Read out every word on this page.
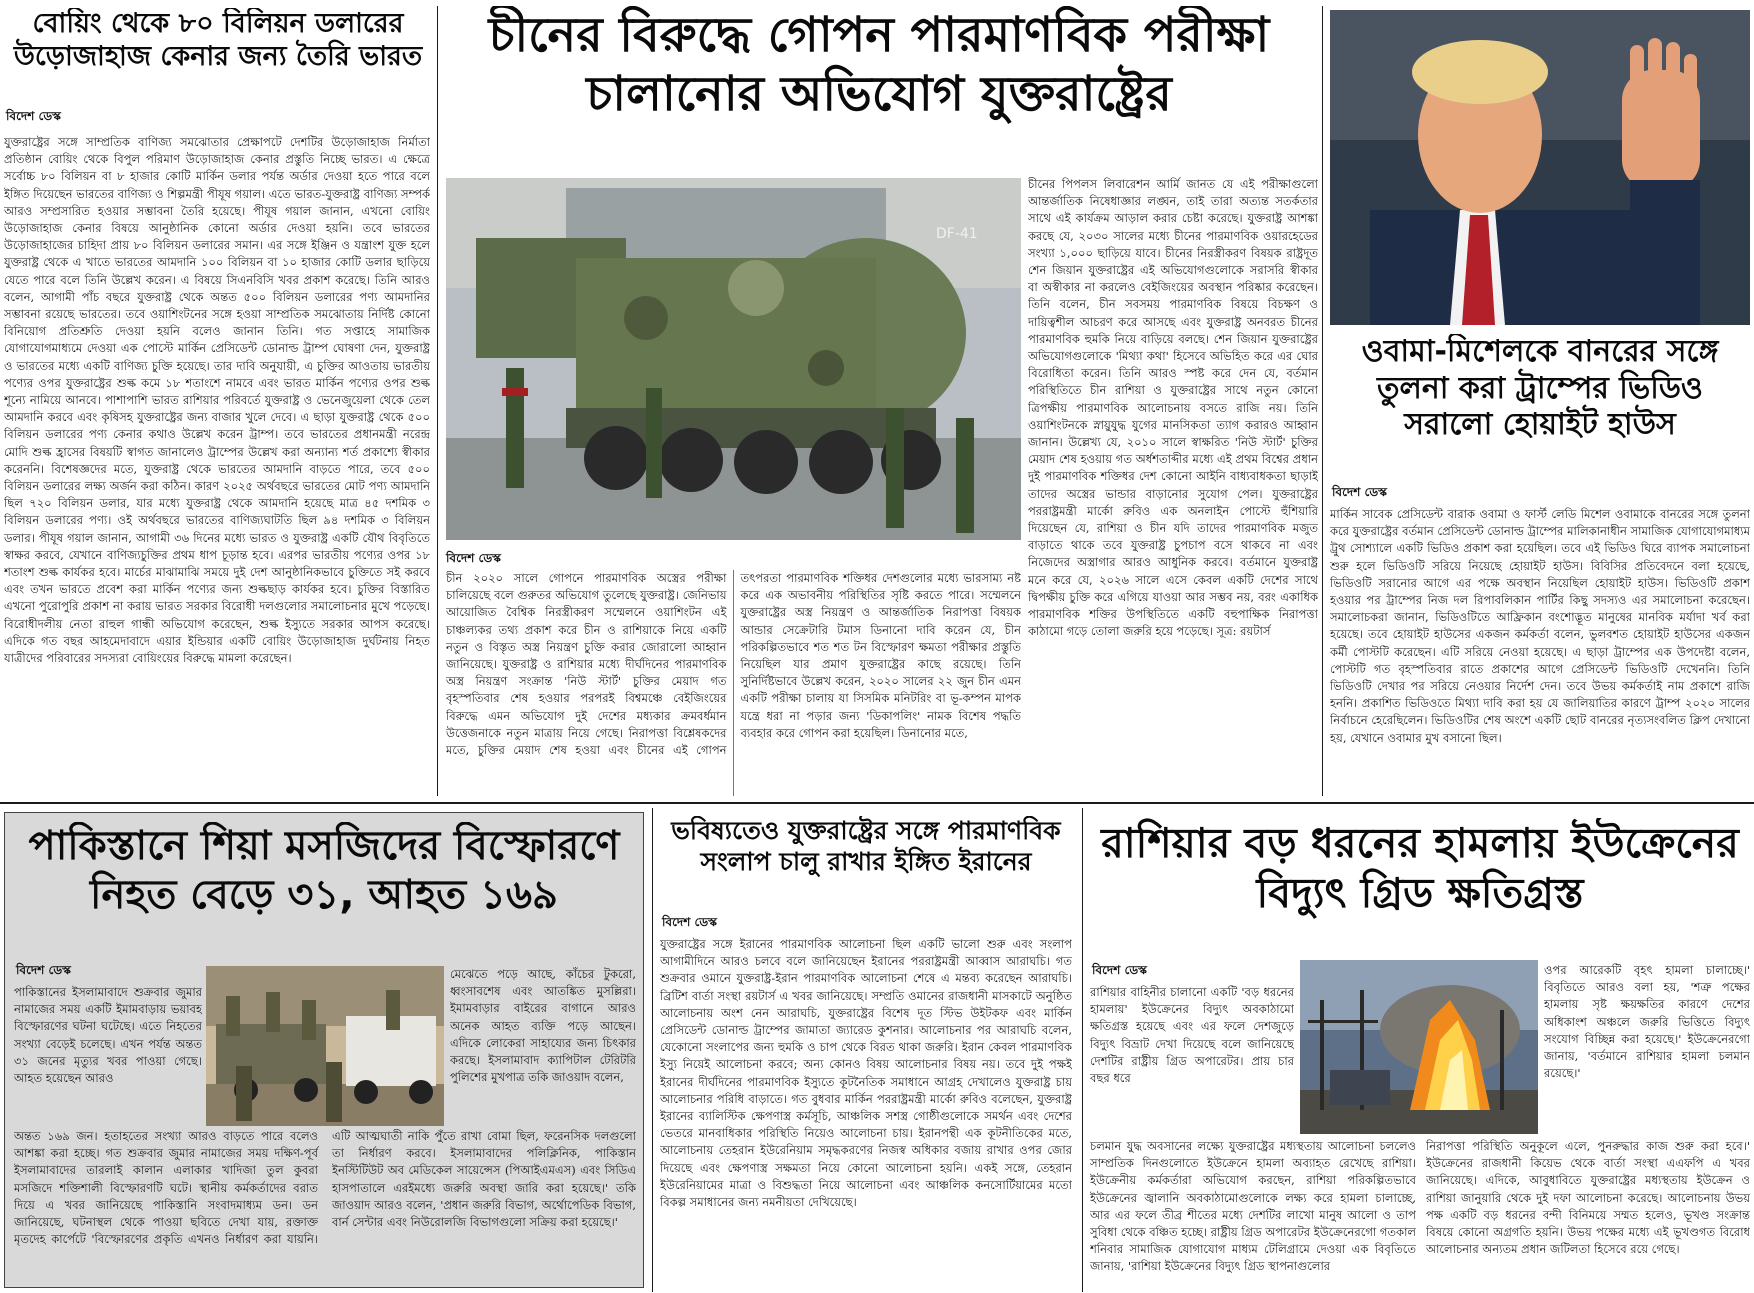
বোয়িং থেকে ৮০ বিলিয়ন ডলারের উড়োজাহাজ কেনার জন্য তৈরি ভারত
বিদেশ ডেস্ক
যুক্তরাষ্ট্রের সঙ্গে সাম্প্রতিক বাণিজ্য সমঝোতার প্রেক্ষাপটে দেশটির উড়োজাহাজ নির্মাতা প্রতিষ্ঠান বোয়িং থেকে বিপুল পরিমাণ উড়োজাহাজ কেনার প্রস্তুতি নিচ্ছে ভারত। এ ক্ষেত্রে সর্বোচ্চ ৮০ বিলিয়ন বা ৮ হাজার কোটি মার্কিন ডলার পর্যন্ত অর্ডার দেওয়া হতে পারে বলে ইঙ্গিত দিয়েছেন ভারতের বাণিজ্য ও শিল্পমন্ত্রী পীযূষ গয়াল। এতে ভারত-যুক্তরাষ্ট্র বাণিজ্য সম্পর্ক আরও সম্প্রসারিত হওয়ার সম্ভাবনা তৈরি হয়েছে। পীযূষ গয়াল জানান, এখনো বোয়িং উড়োজাহাজ কেনার বিষয়ে আনুষ্ঠানিক কোনো অর্ডার দেওয়া হয়নি। তবে ভারতের উড়োজাহাজের চাহিদা প্রায় ৮০ বিলিয়ন ডলারের সমান। এর সঙ্গে ইঞ্জিন ও যন্ত্রাংশ যুক্ত হলে যুক্তরাষ্ট্র থেকে এ খাতে ভারতের আমদানি ১০০ বিলিয়ন বা ১০ হাজার কোটি ডলার ছাড়িয়ে যেতে পারে বলে তিনি উল্লেখ করেন। এ বিষয়ে সিএনবিসি খবর প্রকাশ করেছে। তিনি আরও বলেন, আগামী পাঁচ বছরে যুক্তরাষ্ট্র থেকে অন্তত ৫০০ বিলিয়ন ডলারের পণ্য আমদানির সম্ভাবনা রয়েছে ভারতের। তবে ওয়াশিংটনের সঙ্গে হওয়া সাম্প্রতিক সমঝোতায় নির্দিষ্ট কোনো বিনিয়োগ প্রতিশ্রুতি দেওয়া হয়নি বলেও জানান তিনি। গত সপ্তাহে সামাজিক যোগাযোগমাধ্যমে দেওয়া এক পোস্টে মার্কিন প্রেসিডেন্ট ডোনাল্ড ট্রাম্প ঘোষণা দেন, যুক্তরাষ্ট্র ও ভারতের মধ্যে একটি বাণিজ্য চুক্তি হয়েছে। তার দাবি অনুযায়ী, এ চুক্তির আওতায় ভারতীয় পণ্যের ওপর যুক্তরাষ্ট্রের শুল্ক কমে ১৮ শতাংশে নামবে এবং ভারত মার্কিন পণ্যের ওপর শুল্ক শূন্যে নামিয়ে আনবে। পাশাপাশি ভারত রাশিয়ার পরিবর্তে যুক্তরাষ্ট্র ও ভেনেজুয়েলা থেকে তেল আমদানি করবে এবং কৃষিসহ যুক্তরাষ্ট্রের জন্য বাজার খুলে দেবে। এ ছাড়া যুক্তরাষ্ট্র থেকে ৫০০ বিলিয়ন ডলারের পণ্য কেনার কথাও উল্লেখ করেন ট্রাম্প। তবে ভারতের প্রধানমন্ত্রী নরেন্দ্র মোদি শুল্ক হ্রাসের বিষয়টি স্বাগত জানালেও ট্রাম্পের উল্লেখ করা অন্যান্য শর্ত প্রকাশ্যে স্বীকার করেননি। বিশেষজ্ঞদের মতে, যুক্তরাষ্ট্র থেকে ভারতের আমদানি বাড়তে পারে, তবে ৫০০ বিলিয়ন ডলারের লক্ষ্য অর্জন করা কঠিন। কারণ ২০২৫ অর্থবছরে ভারতের মোট পণ্য আমদানি ছিল ৭২০ বিলিয়ন ডলার, যার মধ্যে যুক্তরাষ্ট্র থেকে আমদানি হয়েছে মাত্র ৪৫ দশমিক ৩ বিলিয়ন ডলারের পণ্য। ওই অর্থবছরে ভারতের বাণিজ্যঘাটতি ছিল ৯৪ দশমিক ৩ বিলিয়ন ডলার। পীযূষ গয়াল জানান, আগামী ৩৬ দিনের মধ্যে ভারত ও যুক্তরাষ্ট্র একটি যৌথ বিবৃতিতে স্বাক্ষর করবে, যেখানে বাণিজ্যচুক্তির প্রথম ধাপ চূড়ান্ত হবে। এরপর ভারতীয় পণ্যের ওপর ১৮ শতাংশ শুল্ক কার্যকর হবে। মার্চের মাঝামাঝি সময়ে দুই দেশ আনুষ্ঠানিকভাবে চুক্তিতে সই করবে এবং তখন ভারতে প্রবেশ করা মার্কিন পণ্যের জন্য শুল্কছাড় কার্যকর হবে। চুক্তির বিস্তারিত এখনো পুরোপুরি প্রকাশ না করায় ভারত সরকার বিরোধী দলগুলোর সমালোচনার মুখে পড়েছে। বিরোধীদলীয় নেতা রাহুল গান্ধী অভিযোগ করেছেন, শুল্ক ইস্যুতে সরকার আপস করেছে। এদিকে গত বছর আহমেদাবাদে এয়ার ইন্ডিয়ার একটি বোয়িং উড়োজাহাজ দুর্ঘটনায় নিহত যাত্রীদের পরিবারের সদস্যরা বোয়িংয়ের বিরুদ্ধে মামলা করেছেন।
চীনের বিরুদ্ধে গোপন পারমাণবিক পরীক্ষা চালানোর অভিযোগ যুক্তরাষ্ট্রের
DF-41
চীনের পিপলস লিবারেশন আর্মি জানত যে এই পরীক্ষাগুলো আন্তর্জাতিক নিষেধাজ্ঞার লঙ্ঘন, তাই তারা অত্যন্ত সতর্কতার সাথে এই কার্যক্রম আড়াল করার চেষ্টা করেছে। যুক্তরাষ্ট্র আশঙ্কা করছে যে, ২০৩০ সালের মধ্যে চীনের পারমাণবিক ওয়ারহেডের সংখ্যা ১,০০০ ছাড়িয়ে যাবে। চীনের নিরস্ত্রীকরণ বিষয়ক রাষ্ট্রদূত শেন জিয়ান যুক্তরাষ্ট্রের এই অভিযোগগুলোকে সরাসরি স্বীকার বা অস্বীকার না করলেও বেইজিংয়ের অবস্থান পরিষ্কার করেছেন। তিনি বলেন, চীন সবসময় পারমাণবিক বিষয়ে বিচক্ষণ ও দায়িত্বশীল আচরণ করে আসছে এবং যুক্তরাষ্ট্র অনবরত চীনের পারমাণবিক হুমকি নিয়ে বাড়িয়ে বলছে। শেন জিয়ান যুক্তরাষ্ট্রের অভিযোগগুলোকে 'মিথ্যা কথা' হিসেবে অভিহিত করে এর ঘোর বিরোধিতা করেন। তিনি আরও স্পষ্ট করে দেন যে, বর্তমান পরিস্থিতিতে চীন রাশিয়া ও যুক্তরাষ্ট্রের সাথে নতুন কোনো ত্রিপক্ষীয় পারমাণবিক আলোচনায় বসতে রাজি নয়। তিনি ওয়াশিংটনকে স্নায়ুযুদ্ধ যুগের মানসিকতা ত্যাগ করারও আহ্বান জানান। উল্লেখ্য যে, ২০১০ সালে স্বাক্ষরিত 'নিউ স্টার্ট' চুক্তির মেয়াদ শেষ হওয়ায় গত অর্ধশতাব্দীর মধ্যে এই প্রথম বিশ্বের প্রধান দুই পারমাণবিক শক্তিধর দেশ কোনো আইনি বাধ্যবাধকতা ছাড়াই তাদের অস্ত্রের ভান্ডার বাড়ানোর সুযোগ পেল। যুক্তরাষ্ট্রের পররাষ্ট্রমন্ত্রী মার্কো রুবিও এক অনলাইন পোস্টে হুঁশিয়ারি দিয়েছেন যে, রাশিয়া ও চীন যদি তাদের পারমাণবিক মজুত বাড়াতে থাকে তবে যুক্তরাষ্ট্র চুপচাপ বসে থাকবে না এবং নিজেদের অস্ত্রাগার আরও আধুনিক করবে। বর্তমানে যুক্তরাষ্ট্র মনে করে যে, ২০২৬ সালে এসে কেবল একটি দেশের সাথে দ্বিপক্ষীয় চুক্তি করে এগিয়ে যাওয়া আর সম্ভব নয়, বরং একাধিক পারমাণবিক শক্তির উপস্থিতিতে একটি বহুপাক্ষিক নিরাপত্তা কাঠামো গড়ে তোলা জরুরি হয়ে পড়েছে। সূত্র: রয়টার্স
বিদেশ ডেস্ক
চীন ২০২০ সালে গোপনে পারমাণবিক অস্ত্রের পরীক্ষা চালিয়েছে বলে গুরুতর অভিযোগ তুলেছে যুক্তরাষ্ট্র। জেনিভায় আয়োজিত বৈশ্বিক নিরস্ত্রীকরণ সম্মেলনে ওয়াশিংটন এই চাঞ্চল্যকর তথ্য প্রকাশ করে চীন ও রাশিয়াকে নিয়ে একটি নতুন ও বিস্তৃত অস্ত্র নিয়ন্ত্রণ চুক্তি করার জোরালো আহ্বান জানিয়েছে। যুক্তরাষ্ট্র ও রাশিয়ার মধ্যে দীর্ঘদিনের পারমাণবিক অস্ত্র নিয়ন্ত্রণ সংক্রান্ত 'নিউ স্টার্ট' চুক্তির মেয়াদ গত বৃহস্পতিবার শেষ হওয়ার পরপরই বিশ্বমঞ্চে বেইজিংয়ের বিরুদ্ধে এমন অভিযোগ দুই দেশের মধ্যকার ক্রমবর্ধমান উত্তেজনাকে নতুন মাত্রায় নিয়ে গেছে। নিরাপত্তা বিশ্লেষকদের মতে, চুক্তির মেয়াদ শেষ হওয়া এবং চীনের এই গোপন তৎপরতা পারমাণবিক শক্তিধর দেশগুলোর মধ্যে ভারসাম্য নষ্ট করে এক অভাবনীয় পরিস্থিতির সৃষ্টি করতে পারে। সম্মেলনে যুক্তরাষ্ট্রের অস্ত্র নিয়ন্ত্রণ ও আন্তর্জাতিক নিরাপত্তা বিষয়ক আন্ডার সেক্রেটারি টমাস ডিনানো দাবি করেন যে, চীন পরিকল্পিতভাবে শত শত টন বিস্ফোরণ ক্ষমতা পরীক্ষার প্রস্তুতি নিয়েছিল যার প্রমাণ যুক্তরাষ্ট্রের কাছে রয়েছে। তিনি সুনির্দিষ্টভাবে উল্লেখ করেন, ২০২০ সালের ২২ জুন চীন এমন একটি পরীক্ষা চালায় যা সিসমিক মনিটরিং বা ভূ-কম্পন মাপক যন্ত্রে ধরা না পড়ার জন্য 'ডিকাপলিং' নামক বিশেষ পদ্ধতি ব্যবহার করে গোপন করা হয়েছিল। ডিনানোর মতে,
ওবামা-মিশেলকে বানরের সঙ্গে তুলনা করা ট্রাম্পের ভিডিও সরালো হোয়াইট হাউস
বিদেশ ডেস্ক
মার্কিন সাবেক প্রেসিডেন্ট বারাক ওবামা ও ফার্স্ট লেডি মিশেল ওবামাকে বানরের সঙ্গে তুলনা করে যুক্তরাষ্ট্রের বর্তমান প্রেসিডেন্ট ডোনাল্ড ট্রাম্পের মালিকানাধীন সামাজিক যোগাযোগমাধ্যম ট্রুথ সোশ্যালে একটি ভিডিও প্রকাশ করা হয়েছিল। তবে এই ভিডিও ঘিরে ব্যাপক সমালোচনা শুরু হলে ভিডিওটি সরিয়ে নিয়েছে হোয়াইট হাউস। বিবিসির প্রতিবেদনে বলা হয়েছে, ভিডিওটি সরানোর আগে এর পক্ষে অবস্থান নিয়েছিল হোয়াইট হাউস। ভিডিওটি প্রকাশ হওয়ার পর ট্রাম্পের নিজ দল রিপাবলিকান পার্টির কিছু সদস্যও এর সমালোচনা করেছেন। সমালোচকরা জানান, ভিডিওটিতে আফ্রিকান বংশোদ্ভূত মানুষের মানবিক মর্যাদা খর্ব করা হয়েছে। তবে হোয়াইট হাউসের একজন কর্মকর্তা বলেন, ভুলবশত হোয়াইট হাউসের একজন কর্মী পোস্টটি করেছেন। এটি সরিয়ে নেওয়া হয়েছে। এ ছাড়া ট্রাম্পের এক উপদেষ্টা বলেন, পোস্টটি গত বৃহস্পতিবার রাতে প্রকাশের আগে প্রেসিডেন্ট ভিডিওটি দেখেননি। তিনি ভিডিওটি দেখার পর সরিয়ে নেওয়ার নির্দেশ দেন। তবে উভয় কর্মকর্তাই নাম প্রকাশে রাজি হননি। প্রকাশিত ভিডিওতে মিথ্যা দাবি করা হয় যে জালিয়াতির কারণে ট্রাম্প ২০২০ সালের নির্বাচনে হেরেছিলেন। ভিডিওটির শেষ অংশে একটি ছোট বানরের নৃত্যসংবলিত ক্লিপ দেখানো হয়, যেখানে ওবামার মুখ বসানো ছিল।
পাকিস্তানে শিয়া মসজিদের বিস্ফোরণে নিহত বেড়ে ৩১, আহত ১৬৯
বিদেশ ডেস্ক
পাকিস্তানের ইসলামাবাদে শুক্রবার জুমার নামাজের সময় একটি ইমামবাড়ায় ভয়াবহ বিস্ফোরণের ঘটনা ঘটেছে। এতে নিহতের সংখ্যা বেড়েই চলেছে। এখন পর্যন্ত অন্তত ৩১ জনের মৃত্যুর খবর পাওয়া গেছে। আহত হয়েছেন আরও
মেঝেতে পড়ে আছে, কাঁচের টুকরো, ধ্বংসাবশেষ এবং আতঙ্কিত মুসল্লিরা। ইমামবাড়ার বাইরের বাগানে আরও অনেক আহত ব্যক্তি পড়ে আছেন। এদিকে লোকেরা সাহায্যের জন্য চিৎকার করছে। ইসলামাবাদ ক্যাপিটাল টেরিটরি পুলিশের মুখপাত্র তকি জাওয়াদ বলেন,
অন্তত ১৬৯ জন। হতাহতের সংখ্যা আরও বাড়তে পারে বলেও আশঙ্কা করা হচ্ছে। গত শুক্রবার জুমার নামাজের সময় দক্ষিণ-পূর্ব ইসলামাবাদের তারলাই কালান এলাকার খাদিজা তুল কুবরা মসজিদে শক্তিশালী বিস্ফোরণটি ঘটে। স্থানীয় কর্মকর্তাদের বরাত দিয়ে এ খবর জানিয়েছে পাকিস্তানি সংবাদমাধ্যম ডন। ডন জানিয়েছে, ঘটনাস্থল থেকে পাওয়া ছবিতে দেখা যায়, রক্তাক্ত মৃতদেহ কার্পেটে 'বিস্ফোরণের প্রকৃতি এখনও নির্ধারণ করা যায়নি। এটি আত্মঘাতী নাকি পুঁতে রাখা বোমা ছিল, ফরেনসিক দলগুলো তা নির্ধারণ করবে। ইসলামাবাদের পলিক্লিনিক, পাকিস্তান ইনস্টিটিউট অব মেডিকেল সায়েন্সেস (পিআইএমএস) এবং সিডিএ হাসপাতালে এরইমধ্যে জরুরি অবস্থা জারি করা হয়েছে।' তকি জাওয়াদ আরও বলেন, 'প্রধান জরুরি বিভাগ, অর্থোপেডিক বিভাগ, বার্ন সেন্টার এবং নিউরোলজি বিভাগগুলো সক্রিয় করা হয়েছে।'
ভবিষ্যতেও যুক্তরাষ্ট্রের সঙ্গে পারমাণবিক সংলাপ চালু রাখার ইঙ্গিত ইরানের
বিদেশ ডেস্ক
যুক্তরাষ্ট্রের সঙ্গে ইরানের পারমাণবিক আলোচনা ছিল একটি ভালো শুরু এবং সংলাপ আগামীদিনে আরও চলবে বলে জানিয়েছেন ইরানের পররাষ্ট্রমন্ত্রী আব্বাস আরাঘচি। গত শুক্রবার ওমানে যুক্তরাষ্ট্র-ইরান পারমাণবিক আলোচনা শেষে এ মন্তব্য করেছেন আরাঘচি। ব্রিটিশ বার্তা সংস্থা রয়টার্স এ খবর জানিয়েছে। সম্প্রতি ওমানের রাজধানী মাসকাটে অনুষ্ঠিত আলোচনায় অংশ নেন আরাঘচি, যুক্তরাষ্ট্রের বিশেষ দূত স্টিভ উইটকফ এবং মার্কিন প্রেসিডেন্ট ডোনাল্ড ট্রাম্পের জামাতা জ্যারেড কুশনার। আলোচনার পর আরাঘচি বলেন, যেকোনো সংলাপের জন্য হুমকি ও চাপ থেকে বিরত থাকা জরুরি। ইরান কেবল পারমাণবিক ইস্যু নিয়েই আলোচনা করবে; অন্য কোনও বিষয় আলোচনার বিষয় নয়। তবে দুই পক্ষই ইরানের দীর্ঘদিনের পারমাণবিক ইস্যুতে কূটনৈতিক সমাধানে আগ্রহ দেখালেও যুক্তরাষ্ট্র চায় আলোচনার পরিধি বাড়াতে। গত বুধবার মার্কিন পররাষ্ট্রমন্ত্রী মার্কো রুবিও বলেছেন, যুক্তরাষ্ট্র ইরানের ব্যালিস্টিক ক্ষেপণাস্ত্র কর্মসূচি, আঞ্চলিক সশস্ত্র গোষ্ঠীগুলোকে সমর্থন এবং দেশের ভেতরে মানবাধিকার পরিস্থিতি নিয়েও আলোচনা চায়। ইরানপন্থী এক কূটনীতিকের মতে, আলোচনায় তেহরান ইউরেনিয়াম সমৃদ্ধকরণের নিজস্ব অধিকার বজায় রাখার ওপর জোর দিয়েছে এবং ক্ষেপণাস্ত্র সক্ষমতা নিয়ে কোনো আলোচনা হয়নি। একই সঙ্গে, তেহরান ইউরেনিয়ামের মাত্রা ও বিশুদ্ধতা নিয়ে আলোচনা এবং আঞ্চলিক কনসোর্টিয়ামের মতো বিকল্প সমাধানের জন্য নমনীয়তা দেখিয়েছে।
রাশিয়ার বড় ধরনের হামলায় ইউক্রেনের বিদ্যুৎ গ্রিড ক্ষতিগ্রস্ত
বিদেশ ডেস্ক
রাশিয়ার বাহিনীর চালানো একটি 'বড় ধরনের হামলায়' ইউক্রেনের বিদ্যুৎ অবকাঠামো ক্ষতিগ্রস্ত হয়েছে এবং এর ফলে দেশজুড়ে বিদ্যুৎ বিভ্রাট দেখা দিয়েছে বলে জানিয়েছে দেশটির রাষ্ট্রীয় গ্রিড অপারেটর। প্রায় চার বছর ধরে
ওপর আরেকটি বৃহৎ হামলা চালাচ্ছে।' বিবৃতিতে আরও বলা হয়, 'শত্রু পক্ষের হামলায় সৃষ্ট ক্ষয়ক্ষতির কারণে দেশের অধিকাংশ অঞ্চলে জরুরি ভিত্তিতে বিদ্যুৎ সংযোগ বিচ্ছিন্ন করা হয়েছে।' ইউক্রেনেরগো জানায়, 'বর্তমানে রাশিয়ার হামলা চলমান রয়েছে।'
চলমান যুদ্ধ অবসানের লক্ষ্যে যুক্তরাষ্ট্রের মধ্যস্থতায় আলোচনা চললেও সাম্প্রতিক দিনগুলোতে ইউক্রেনে হামলা অব্যাহত রেখেছে রাশিয়া। ইউক্রেনীয় কর্মকর্তারা অভিযোগ করছেন, রাশিয়া পরিকল্পিতভাবে ইউক্রেনের জ্বালানি অবকাঠামোগুলোকে লক্ষ্য করে হামলা চালাচ্ছে, আর এর ফলে তীব্র শীতের মধ্যে দেশটির লাখো মানুষ আলো ও তাপ সুবিধা থেকে বঞ্চিত হচ্ছে। রাষ্ট্রীয় গ্রিড অপারেটর ইউক্রেনেরগো গতকাল শনিবার সামাজিক যোগাযোগ মাধ্যম টেলিগ্রামে দেওয়া এক বিবৃতিতে জানায়, 'রাশিয়া ইউক্রেনের বিদ্যুৎ গ্রিড স্থাপনাগুলোর
নিরাপত্তা পরিস্থিতি অনুকূলে এলে, পুনরুদ্ধার কাজ শুরু করা হবে।' ইউক্রেনের রাজধানী কিয়েভ থেকে বার্তা সংস্থা এএফপি এ খবর জানিয়েছে। এদিকে, আবুধাবিতে যুক্তরাষ্ট্রের মধ্যস্থতায় ইউক্রেন ও রাশিয়া জানুয়ারি থেকে দুই দফা আলোচনা করেছে। আলোচনায় উভয় পক্ষ একটি বড় ধরনের বন্দী বিনিময়ে সম্মত হলেও, ভূখণ্ড সংক্রান্ত বিষয়ে কোনো অগ্রগতি হয়নি। উভয় পক্ষের মধ্যে এই ভূখণ্ডগত বিরোধ আলোচনার অন্যতম প্রধান জটিলতা হিসেবে রয়ে গেছে।
